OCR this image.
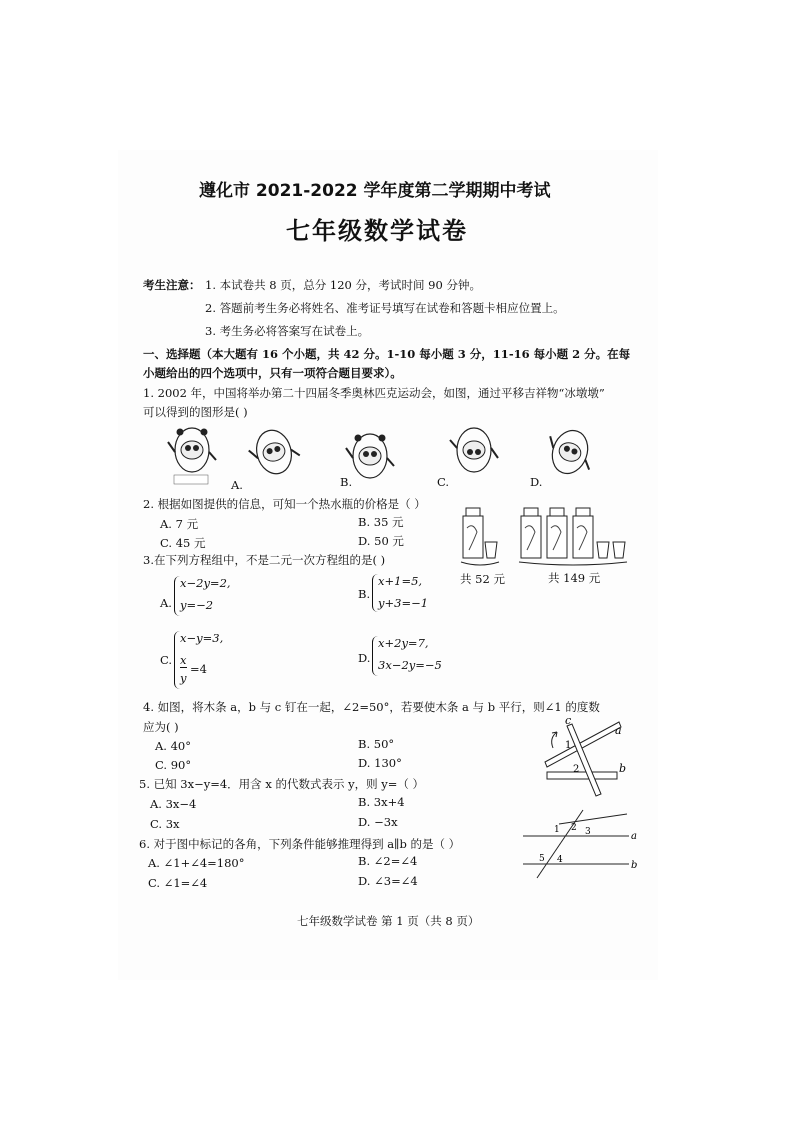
遵化市 2021-2022 学年度第二学期期中考试
七年级数学试卷
考生注意： 1. 本试卷共 8 页，总分 120 分，考试时间 90 分钟。
2. 答题前考生务必将姓名、准考证号填写在试卷和答题卡相应位置上。
3. 考生务必将答案写在试卷上。
一、选择题（本大题有 16 个小题，共 42 分。1-10 每小题 3 分，11-16 每小题 2 分。在每
小题给出的四个选项中，只有一项符合题目要求）。
1. 2002 年，中国将举办第二十四届冬季奥林匹克运动会，如图，通过平移吉祥物“冰墩墩”
可以得到的图形是( )
A.	B.	C.	D.
2. 根据如图提供的信息，可知一个热水瓶的价格是（ ）
A. 7 元	B. 35 元
C. 45 元	D. 50 元
共 52 元	共 149 元
3.在下列方程组中，不是二元一次方程组的是( )
A.
x−2y=2,
y=−2
B.
x+1=5,
y+3=−1
C.
x−y=3,
x
y
=4
D.
x+2y=7,
3x−2y=−5
4. 如图，将木条 a，b 与 c 钉在一起，∠2=50°，若要使木条 a 与 b 平行，则∠1 的度数
应为( )
A. 40°	B. 50°
C. 90°	D. 130°
c
a
b
1
2
5. 已知 3x−y=4．用含 x 的代数式表示 y，则 y=（ ）
A. 3x−4	B. 3x+4
C. 3x	D. −3x
6. 对于图中标记的各角，下列条件能够推理得到 a∥b 的是（ ）
A. ∠1+∠4=180°	B. ∠2=∠4
C. ∠1=∠4	D. ∠3=∠4
1 2 3	a
5 4	b
七年级数学试卷 第 1 页（共 8 页）
